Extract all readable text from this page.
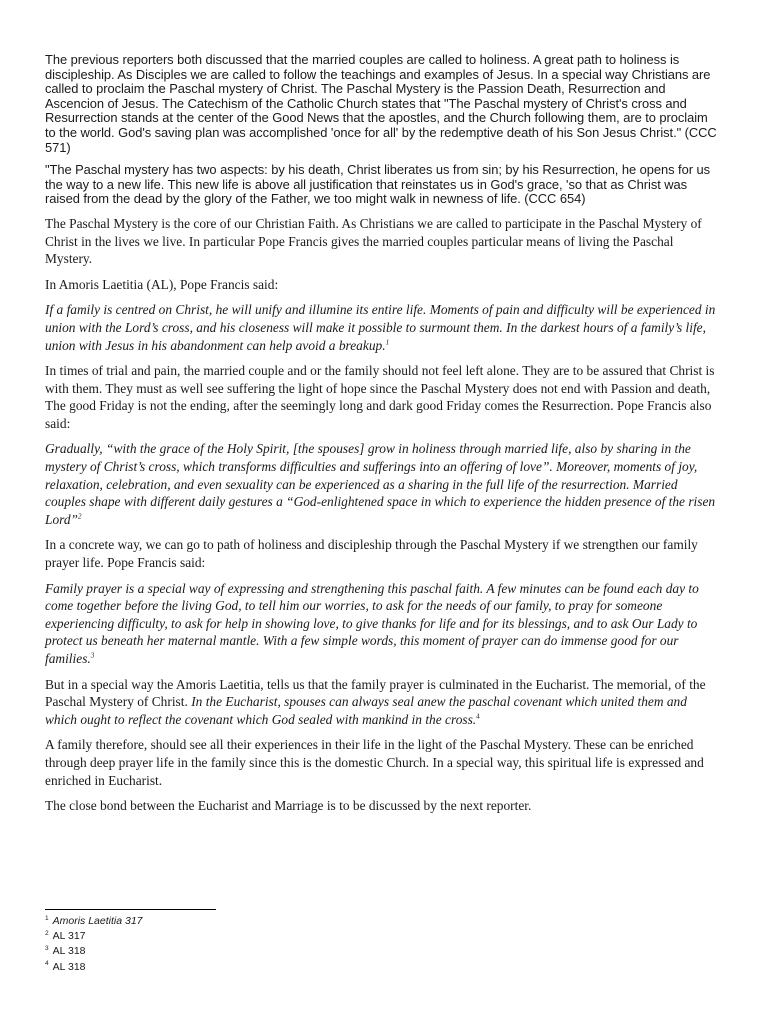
The previous reporters both discussed that the married couples are called to holiness. A great path to holiness is discipleship. As Disciples we are called to follow the teachings and examples of Jesus. In a special way Christians are called to proclaim the Paschal mystery of Christ. The Paschal Mystery is the Passion Death, Resurrection and Ascencion of Jesus. The Catechism of the Catholic Church states that "The Paschal mystery of Christ's cross and Resurrection stands at the center of the Good News that the apostles, and the Church following them, are to proclaim to the world. God's saving plan was accomplished 'once for all' by the redemptive death of his Son Jesus Christ." (CCC 571)

"The Paschal mystery has two aspects: by his death, Christ liberates us from sin; by his Resurrection, he opens for us the way to a new life. This new life is above all justification that reinstates us in God's grace, 'so that as Christ was raised from the dead by the glory of the Father, we too might walk in newness of life. (CCC 654)

The Paschal Mystery is the core of our Christian Faith. As Christians we are called to participate in the Paschal Mystery of Christ in the lives we live. In particular Pope Francis gives the married couples particular means of living the Paschal Mystery.

In Amoris Laetitia (AL), Pope Francis said:

If a family is centred on Christ, he will unify and illumine its entire life. Moments of pain and difficulty will be experienced in union with the Lord’s cross, and his closeness will make it possible to surmount them. In the darkest hours of a family’s life, union with Jesus in his abandonment can help avoid a breakup.$^1$

In times of trial and pain, the married couple and or the family should not feel left alone. They are to be assured that Christ is with them. They must as well see suffering the light of hope since the Paschal Mystery does not end with Passion and death, The good Friday is not the ending, after the seemingly long and dark good Friday comes the Resurrection. Pope Francis also said:

Gradually, “with the grace of the Holy Spirit, [the spouses] grow in holiness through married life, also by sharing in the mystery of Christ’s cross, which transforms difficulties and sufferings into an offering of love”. Moreover, moments of joy, relaxation, celebration, and even sexuality can be experienced as a sharing in the full life of the resurrection. Married couples shape with different daily gestures a “God-enlightened space in which to experience the hidden presence of the risen Lord”$^2$

In a concrete way, we can go to path of holiness and discipleship through the Paschal Mystery if we strengthen our family prayer life. Pope Francis said:

Family prayer is a special way of expressing and strengthening this paschal faith. A few minutes can be found each day to come together before the living God, to tell him our worries, to ask for the needs of our family, to pray for someone experiencing difficulty, to ask for help in showing love, to give thanks for life and for its blessings, and to ask Our Lady to protect us beneath her maternal mantle. With a few simple words, this moment of prayer can do immense good for our families.$^3$

But in a special way the Amoris Laetitia, tells us that the family prayer is culminated in the Eucharist. The memorial, of the Paschal Mystery of Christ. In the Eucharist, spouses can always seal anew the paschal covenant which united them and which ought to reflect the covenant which God sealed with mankind in the cross.$^4$

A family therefore, should see all their experiences in their life in the light of the Paschal Mystery. These can be enriched through deep prayer life in the family since this is the domestic Church. In a special way, this spiritual life is expressed and enriched in Eucharist.

The close bond between the Eucharist and Marriage is to be discussed by the next reporter.

$^1$ Amoris Laetitia 317

$^2$ AL 317

$^3$ AL 318

$^4$ AL 318
